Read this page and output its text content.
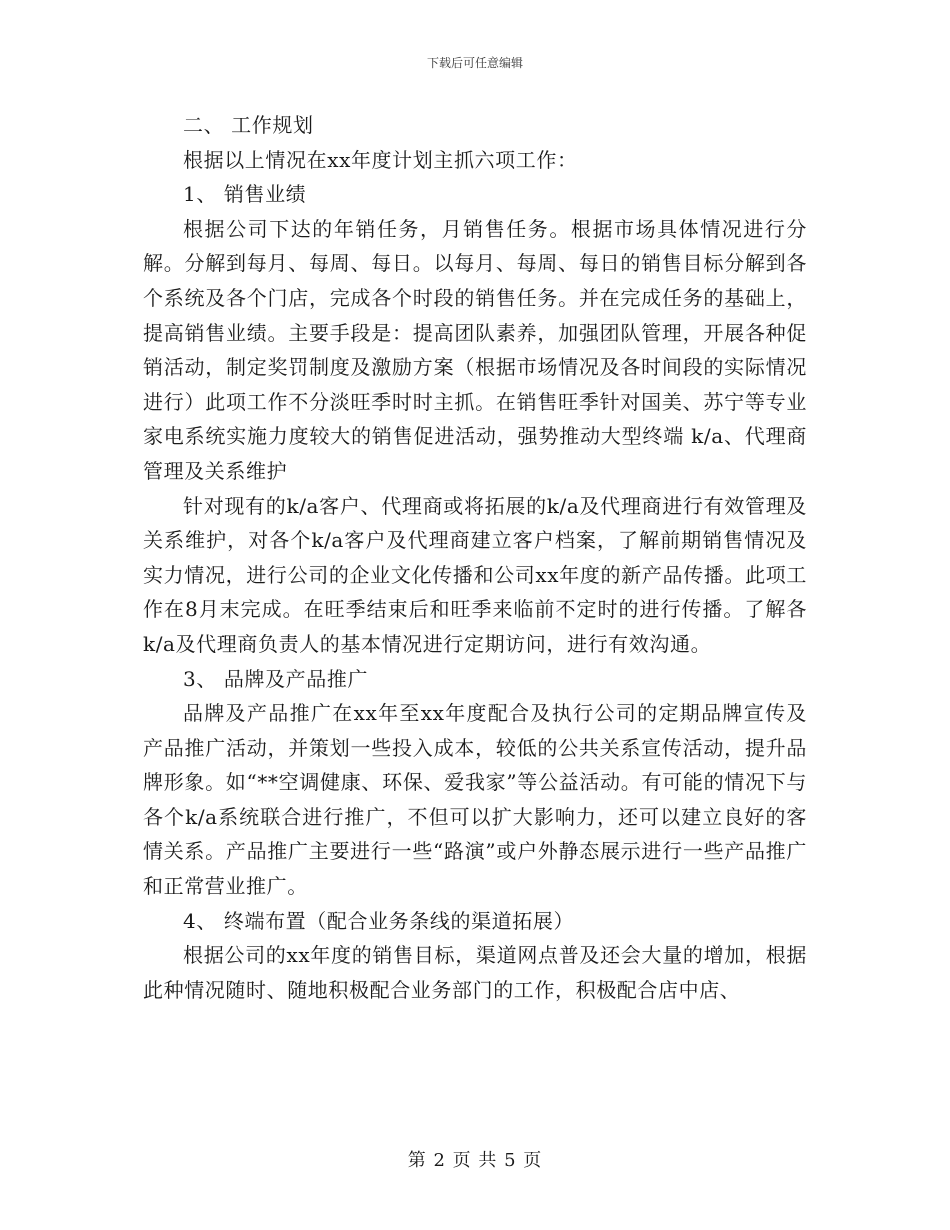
下载后可任意编辑

二、 工作规划

根据以上情况在xx年度计划主抓六项工作：

1、 销售业绩

根据公司下达的年销任务，月销售任务。根据市场具体情况进行分解。分解到每月、每周、每日。以每月、每周、每日的销售目标分解到各个系统及各个门店，完成各个时段的销售任务。并在完成任务的基础上，提高销售业绩。主要手段是：提高团队素养，加强团队管理，开展各种促销活动，制定奖罚制度及激励方案（根据市场情况及各时间段的实际情况进行）此项工作不分淡旺季时时主抓。在销售旺季针对国美、苏宁等专业家电系统实施力度较大的销售促进活动，强势推动大型终端 k/a、代理商管理及关系维护

针对现有的k/a客户、代理商或将拓展的k/a及代理商进行有效管理及关系维护，对各个k/a客户及代理商建立客户档案，了解前期销售情况及实力情况，进行公司的企业文化传播和公司xx年度的新产品传播。此项工作在8月末完成。在旺季结束后和旺季来临前不定时的进行传播。了解各k/a及代理商负责人的基本情况进行定期访问，进行有效沟通。

3、 品牌及产品推广

品牌及产品推广在xx年至xx年度配合及执行公司的定期品牌宣传及产品推广活动，并策划一些投入成本，较低的公共关系宣传活动，提升品牌形象。如“**空调健康、环保、爱我家”等公益活动。有可能的情况下与各个k/a系统联合进行推广，不但可以扩大影响力，还可以建立良好的客情关系。产品推广主要进行一些“路演”或户外静态展示进行一些产品推广和正常营业推广。

4、 终端布置（配合业务条线的渠道拓展）

根据公司的xx年度的销售目标，渠道网点普及还会大量的增加，根据此种情况随时、随地积极配合业务部门的工作，积极配合店中店、

第 2 页 共 5 页
